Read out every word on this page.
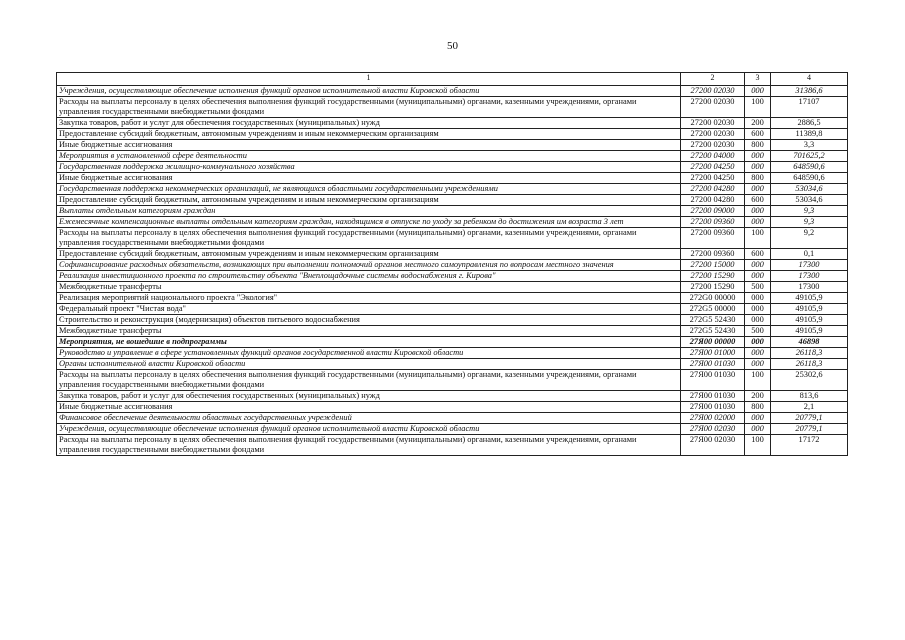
50
1	2	3	4
Учреждения, осуществляющие обеспечение исполнения функций органов исполнительной власти Кировской области	27200 02030	000	31386,6
Расходы на выплаты персоналу в целях обеспечения выполнения функций государственными (муниципальными) органами, казенными учреждениями, органами управления государственными внебюджетными фондами	27200 02030	100	17107
Закупка товаров, работ и услуг для обеспечения государственных (муниципальных) нужд	27200 02030	200	2886,5
Предоставление субсидий бюджетным, автономным учреждениям и иным некоммерческим организациям	27200 02030	600	11389,8
Иные бюджетные ассигнования	27200 02030	800	3,3
Мероприятия в установленной сфере деятельности	27200 04000	000	701625,2
Государственная поддержка жилищно-коммунального хозяйства	27200 04250	000	648590,6
Иные бюджетные ассигнования	27200 04250	800	648590,6
Государственная поддержка некоммерческих организаций, не являющихся областными государственными учреждениями	27200 04280	000	53034,6
Предоставление субсидий бюджетным, автономным учреждениям и иным некоммерческим организациям	27200 04280	600	53034,6
Выплаты отдельным категориям граждан	27200 09000	000	9,3
Ежемесячные компенсационные выплаты отдельным категориям граждан, находящимся в отпуске по уходу за ребенком до достижения им возраста 3 лет	27200 09360	000	9,3
Расходы на выплаты персоналу в целях обеспечения выполнения функций государственными (муниципальными) органами, казенными учреждениями, органами управления государственными внебюджетными фондами	27200 09360	100	9,2
Предоставление субсидий бюджетным, автономным учреждениям и иным некоммерческим организациям	27200 09360	600	0,1
Софинансирование расходных обязательств, возникающих при выполнении полномочий органов местного самоуправления по вопросам местного значения	27200 15000	000	17300
Реализация инвестиционного проекта по строительству объекта "Внеплощадочные системы водоснабжения г. Кирова"	27200 15290	000	17300
Межбюджетные трансферты	27200 15290	500	17300
Реализация мероприятий национального проекта "Экология"	272G0 00000	000	49105,9
Федеральный проект "Чистая вода"	272G5 00000	000	49105,9
Строительство и реконструкция (модернизация) объектов питьевого водоснабжения	272G5 52430	000	49105,9
Межбюджетные трансферты	272G5 52430	500	49105,9
Мероприятия, не вошедшие в подпрограммы	27Я00 00000	000	46898
Руководство и управление в сфере установленных функций органов государственной власти Кировской области	27Я00 01000	000	26118,3
Органы исполнительной власти Кировской области	27Я00 01030	000	26118,3
Расходы на выплаты персоналу в целях обеспечения выполнения функций государственными (муниципальными) органами, казенными учреждениями, органами управления государственными внебюджетными фондами	27Я00 01030	100	25302,6
Закупка товаров, работ и услуг для обеспечения государственных (муниципальных) нужд	27Я00 01030	200	813,6
Иные бюджетные ассигнования	27Я00 01030	800	2,1
Финансовое обеспечение деятельности областных государственных учреждений	27Я00 02000	000	20779,1
Учреждения, осуществляющие обеспечение исполнения функций органов исполнительной власти Кировской области	27Я00 02030	000	20779,1
Расходы на выплаты персоналу в целях обеспечения выполнения функций государственными (муниципальными) органами, казенными учреждениями, органами управления государственными внебюджетными фондами	27Я00 02030	100	17172
